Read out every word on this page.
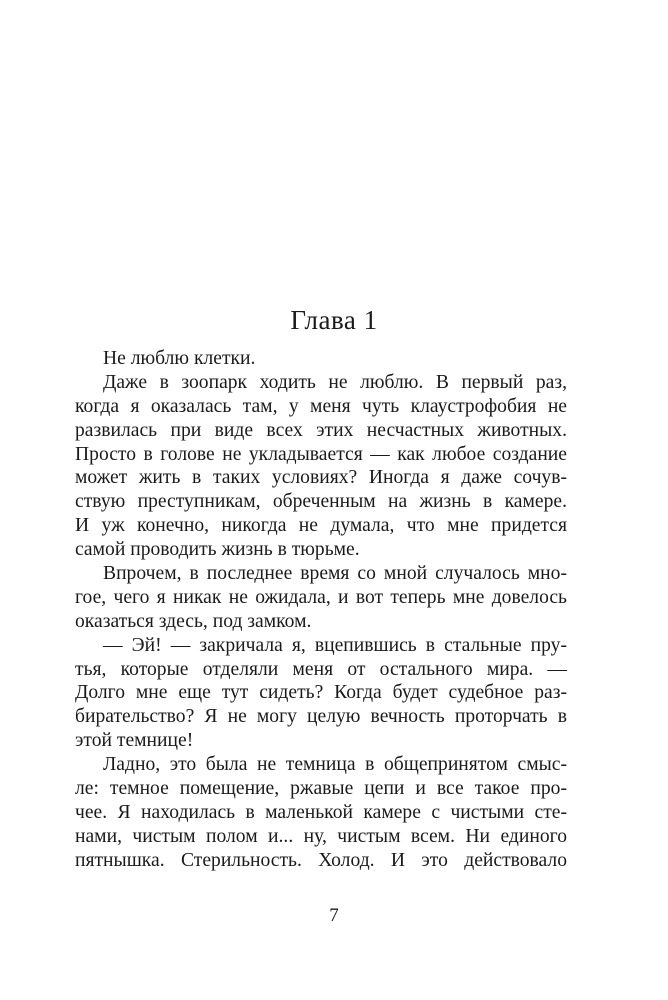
Глава 1
Не люблю клетки.
Даже в зоопарк ходить не люблю. В первый раз,
когда я оказалась там, у меня чуть клаустрофобия не
развилась при виде всех этих несчастных животных.
Просто в голове не укладывается — как любое создание
может жить в таких условиях? Иногда я даже сочув-
ствую преступникам, обреченным на жизнь в камере.
И уж конечно, никогда не думала, что мне придется
самой проводить жизнь в тюрьме.
Впрочем, в последнее время со мной случалось мно-
гое, чего я никак не ожидала, и вот теперь мне довелось
оказаться здесь, под замком.
— Эй! — закричала я, вцепившись в стальные пру-
тья, которые отделяли меня от остального мира. —
Долго мне еще тут сидеть? Когда будет судебное раз-
бирательство? Я не могу целую вечность проторчать в
этой темнице!
Ладно, это была не темница в общепринятом смыс-
ле: темное помещение, ржавые цепи и все такое про-
чее. Я находилась в маленькой камере с чистыми сте-
нами, чистым полом и... ну, чистым всем. Ни единого
пятнышка. Стерильность. Холод. И это действовало
7
